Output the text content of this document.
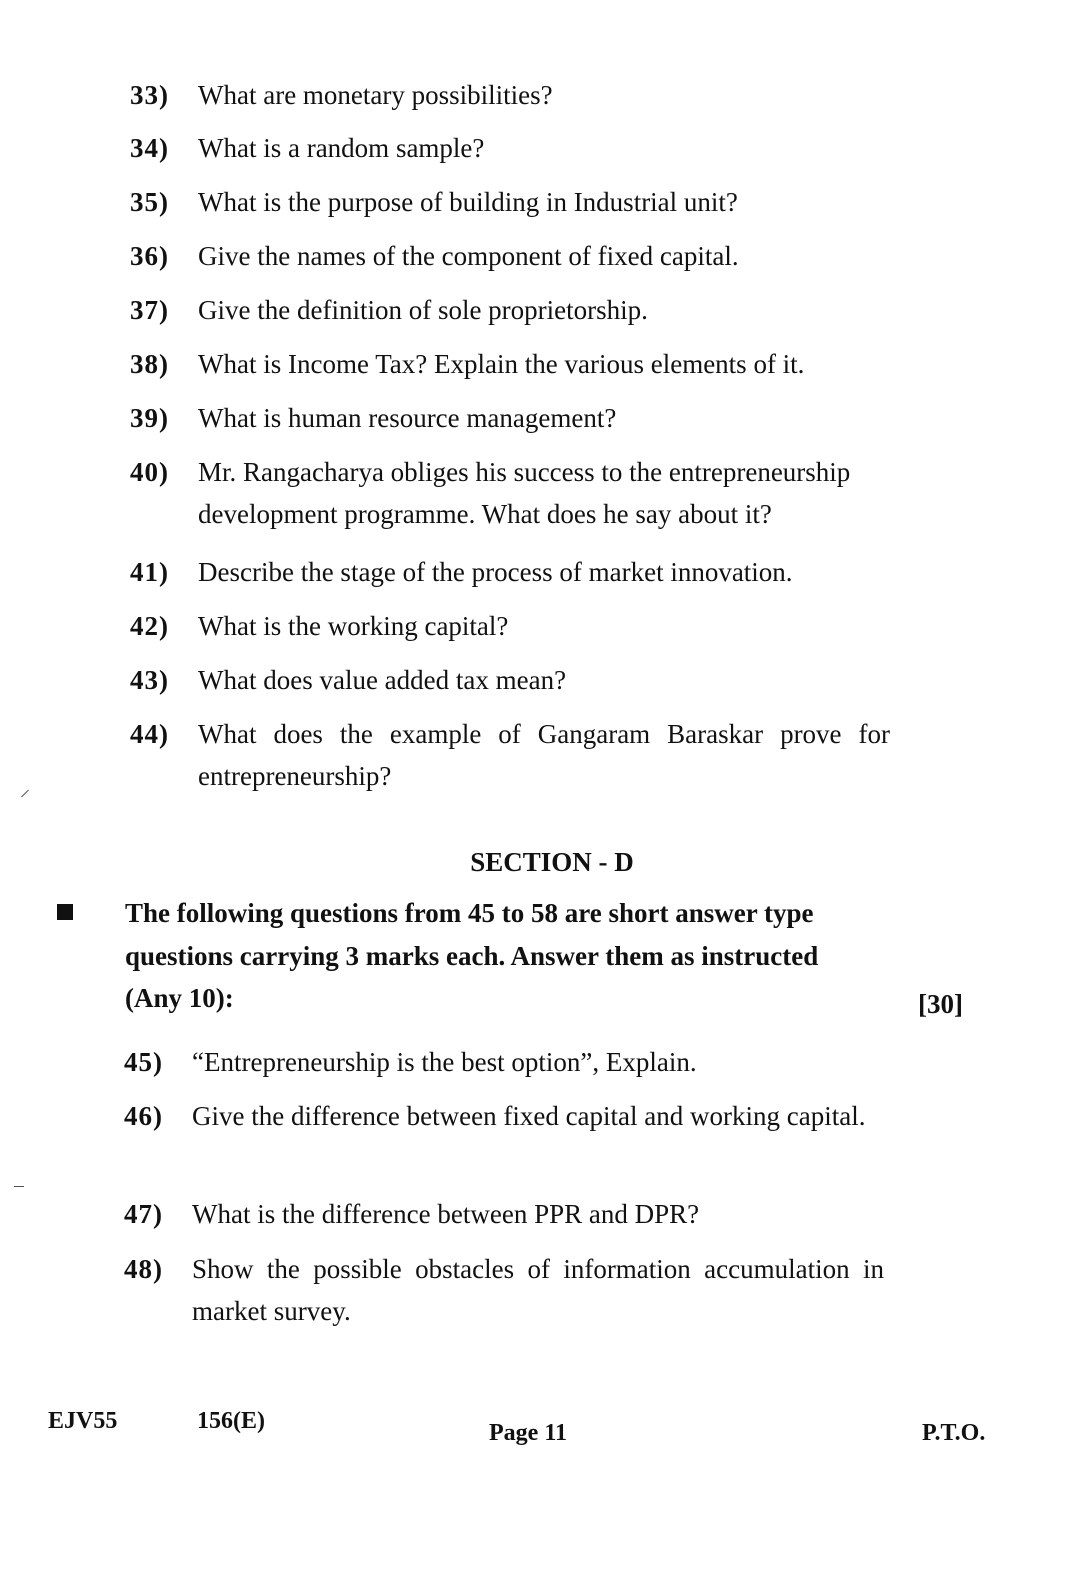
33)	What are monetary possibilities?
34)	What is a random sample?
35)	What is the purpose of building in Industrial unit?
36)	Give the names of the component of fixed capital.
37)	Give the definition of sole proprietorship.
38)	What is Income Tax? Explain the various elements of it.
39)	What is human resource management?
40)	Mr. Rangacharya obliges his success to the entrepreneurship development programme. What does he say about it?
41)	Describe the stage of the process of market innovation.
42)	What is the working capital?
43)	What does value added tax mean?
44)	What does the example of Gangaram Baraskar prove for entrepreneurship?
SECTION - D
The following questions from 45 to 58 are short answer type questions carrying 3 marks each. Answer them as instructed
(Any 10):	[30]
45)	“Entrepreneurship is the best option”, Explain.
46)	Give the difference between fixed capital and working capital.
47)	What is the difference between PPR and DPR?
48)	Show the possible obstacles of information accumulation in market survey.
EJV55	156(E)	Page 11	P.T.O.
